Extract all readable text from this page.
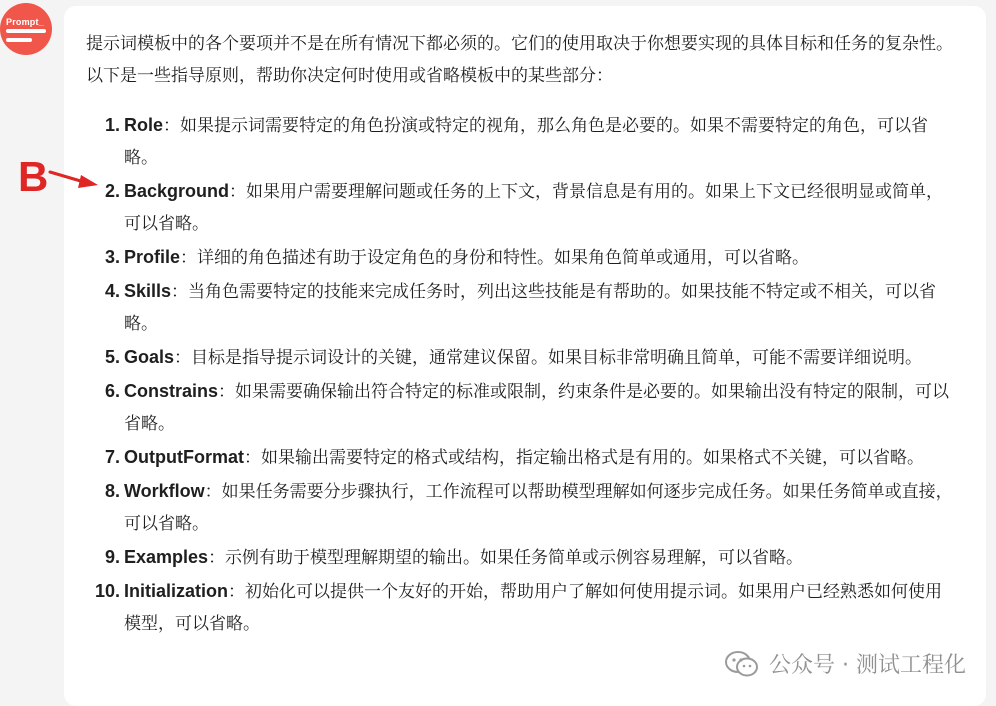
Prompt_

提示词模板中的各个要项并不是在所有情况下都必须的。它们的使用取决于你想要实现的具体目标和任务的复杂性。以下是一些指导原则，帮助你决定何时使用或省略模板中的某些部分：

1. Role：如果提示词需要特定的角色扮演或特定的视角，那么角色是必要的。如果不需要特定的角色，可以省略。
2. Background：如果用户需要理解问题或任务的上下文，背景信息是有用的。如果上下文已经很明显或简单，可以省略。
3. Profile：详细的角色描述有助于设定角色的身份和特性。如果角色简单或通用，可以省略。
4. Skills：当角色需要特定的技能来完成任务时，列出这些技能是有帮助的。如果技能不特定或不相关，可以省略。
5. Goals：目标是指导提示词设计的关键，通常建议保留。如果目标非常明确且简单，可能不需要详细说明。
6. Constrains：如果需要确保输出符合特定的标准或限制，约束条件是必要的。如果输出没有特定的限制，可以省略。
7. OutputFormat：如果输出需要特定的格式或结构，指定输出格式是有用的。如果格式不关键，可以省略。
8. Workflow：如果任务需要分步骤执行，工作流程可以帮助模型理解如何逐步完成任务。如果任务简单或直接，可以省略。
9. Examples：示例有助于模型理解期望的输出。如果任务简单或示例容易理解，可以省略。
10. Initialization：初始化可以提供一个友好的开始，帮助用户了解如何使用提示词。如果用户已经熟悉如何使用模型，可以省略。
B
公众号 · 测试工程化
